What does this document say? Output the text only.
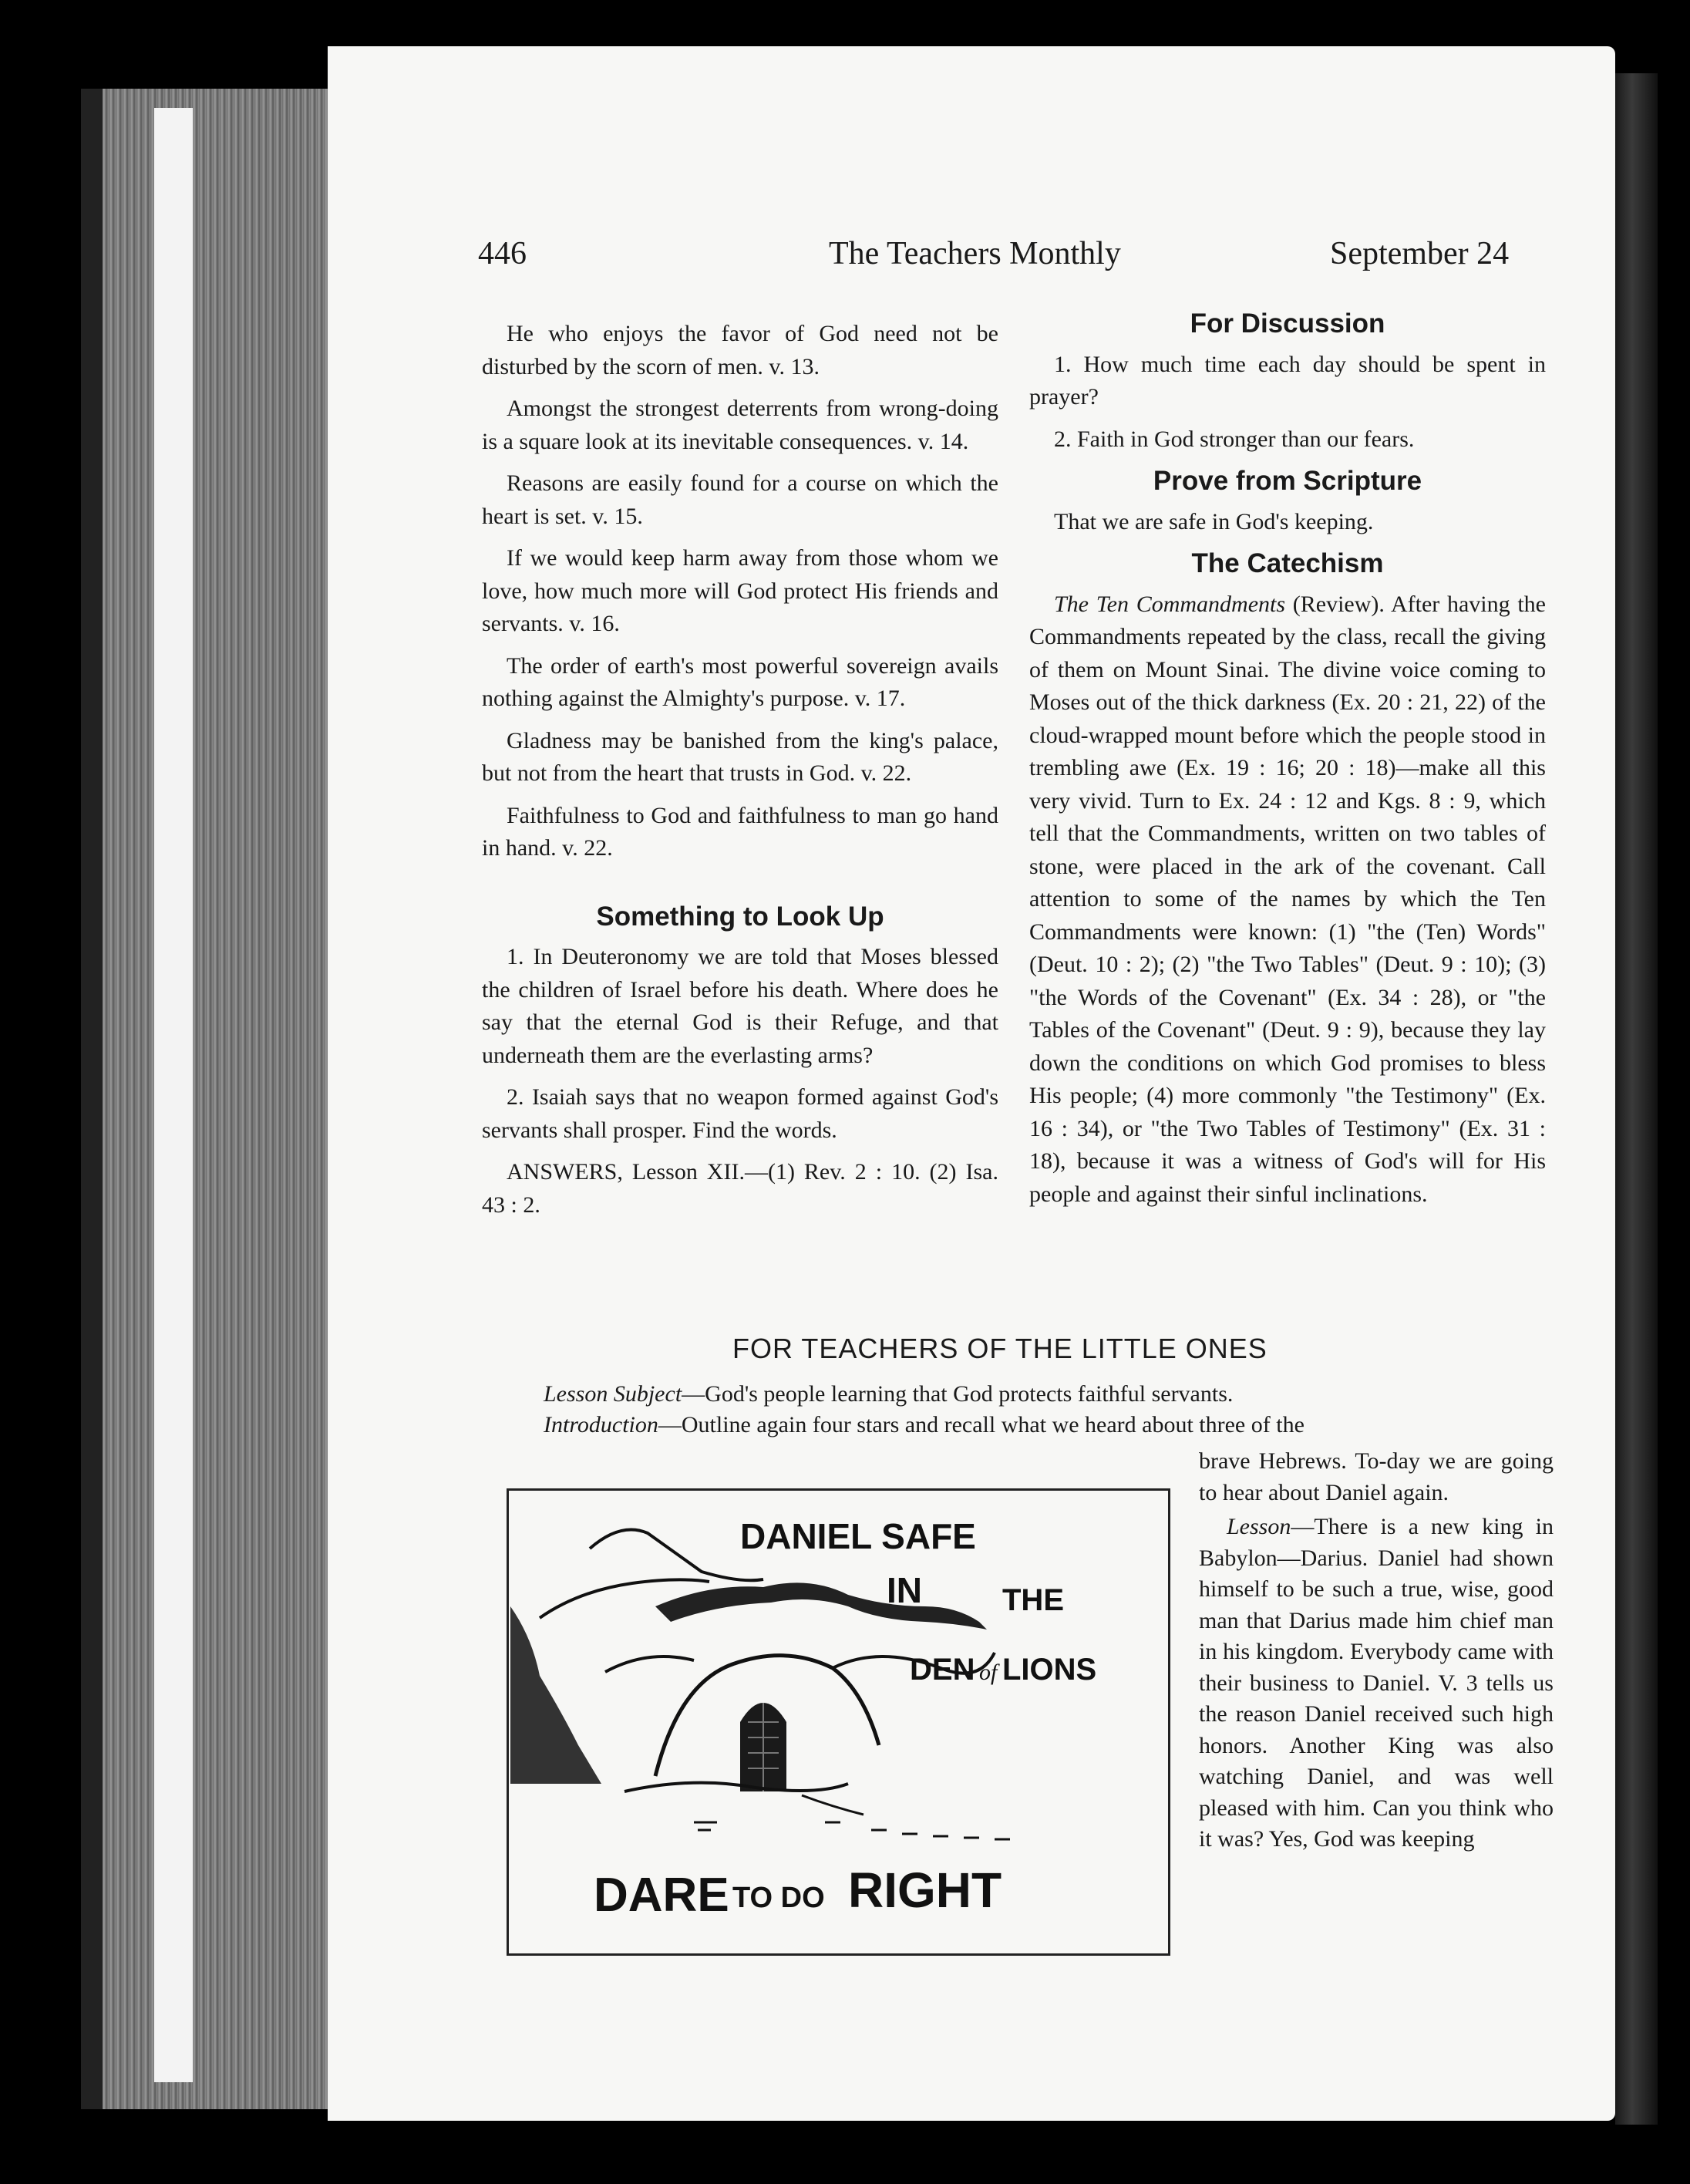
446	The Teachers Monthly	September 24

He who enjoys the favor of God need not be disturbed by the scorn of men. v. 13.

Amongst the strongest deterrents from wrong-doing is a square look at its inevitable consequences. v. 14.

Reasons are easily found for a course on which the heart is set. v. 15.

If we would keep harm away from those whom we love, how much more will God protect His friends and servants. v. 16.

The order of earth's most powerful sovereign avails nothing against the Almighty's purpose. v. 17.

Gladness may be banished from the king's palace, but not from the heart that trusts in God. v. 22.

Faithfulness to God and faithfulness to man go hand in hand. v. 22.

Something to Look Up

1. In Deuteronomy we are told that Moses blessed the children of Israel before his death. Where does he say that the eternal God is their Refuge, and that underneath them are the everlasting arms?

2. Isaiah says that no weapon formed against God's servants shall prosper. Find the words.

ANSWERS, Lesson XII.—(1) Rev. 2 : 10. (2) Isa. 43 : 2.

For Discussion

1. How much time each day should be spent in prayer?

2. Faith in God stronger than our fears.

Prove from Scripture

That we are safe in God's keeping.

The Catechism

The Ten Commandments (Review). After having the Commandments repeated by the class, recall the giving of them on Mount Sinai. The divine voice coming to Moses out of the thick darkness (Ex. 20 : 21, 22) of the cloud-wrapped mount before which the people stood in trembling awe (Ex. 19 : 16; 20 : 18)—make all this very vivid. Turn to Ex. 24 : 12 and Kgs. 8 : 9, which tell that the Commandments, written on two tables of stone, were placed in the ark of the covenant. Call attention to some of the names by which the Ten Commandments were known: (1) "the (Ten) Words" (Deut. 10 : 2); (2) "the Two Tables" (Deut. 9 : 10); (3) "the Words of the Covenant" (Ex. 34 : 28), or "the Tables of the Covenant" (Deut. 9 : 9), because they lay down the conditions on which God promises to bless His people; (4) more commonly "the Testimony" (Ex. 16 : 34), or "the Two Tables of Testimony" (Ex. 31 : 18), because it was a witness of God's will for His people and against their sinful inclinations.

FOR TEACHERS OF THE LITTLE ONES
Lesson Subject—God's people learning that God protects faithful servants.
Introduction—Outline again four stars and recall what we heard about three of the

brave Hebrews. To-day we are going to hear about Daniel again.

Lesson—There is a new king in Babylon—Darius. Daniel had shown himself to be such a true, wise, good man that Darius made him chief man in his kingdom. Everybody came with their business to Daniel. V. 3 tells us the reason Daniel received such high honors. Another King was also watching Daniel, and was well pleased with him. Can you think who it was? Yes, God was keeping

DANIEL SAFE
IN	THE
DEN of LIONS
DARE TO DO RIGHT
